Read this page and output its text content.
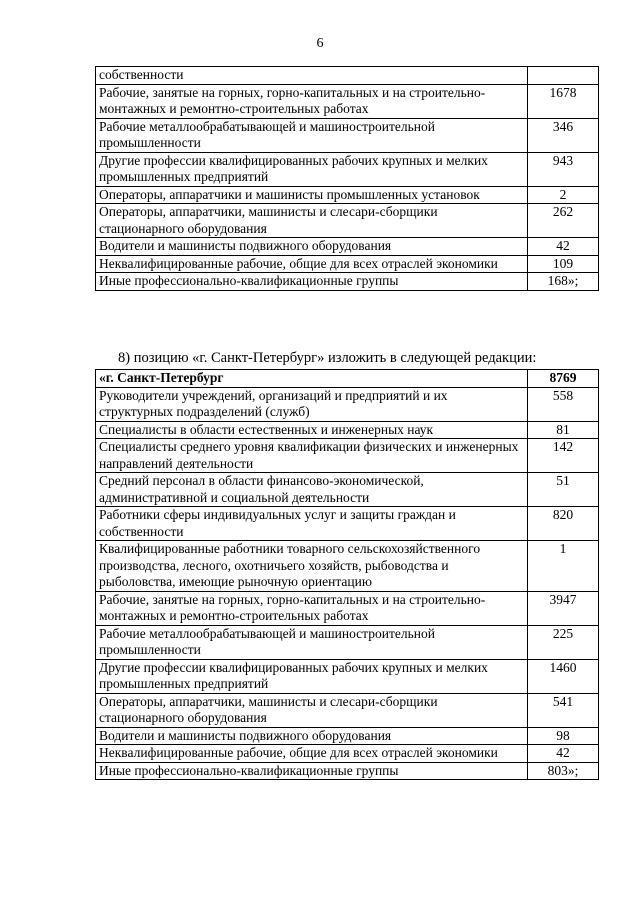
6
собственности	
Рабочие, занятые на горных, горно-капитальных и на строительно-монтажных и ремонтно-строительных работах	1678
Рабочие металлообрабатывающей и машиностроительной промышленности	346
Другие профессии квалифицированных рабочих крупных и мелких промышленных предприятий	943
Операторы, аппаратчики и машинисты промышленных установок	2
Операторы, аппаратчики, машинисты и слесари-сборщики стационарного оборудования	262
Водители и машинисты подвижного оборудования	42
Неквалифицированные рабочие, общие для всех отраслей экономики	109
Иные профессионально-квалификационные группы	168»;
8) позицию «г. Санкт-Петербург» изложить в следующей редакции:
«г. Санкт-Петербург	8769
Руководители учреждений, организаций и предприятий и их структурных подразделений (служб)	558
Специалисты в области естественных и инженерных наук	81
Специалисты среднего уровня квалификации физических и инженерных направлений деятельности	142
Средний персонал в области финансово-экономической, административной и социальной деятельности	51
Работники сферы индивидуальных услуг и защиты граждан и собственности	820
Квалифицированные работники товарного сельскохозяйственного производства, лесного, охотничьего хозяйств, рыбоводства и рыболовства, имеющие рыночную ориентацию	1
Рабочие, занятые на горных, горно-капитальных и на строительно-монтажных и ремонтно-строительных работах	3947
Рабочие металлообрабатывающей и машиностроительной промышленности	225
Другие профессии квалифицированных рабочих крупных и мелких промышленных предприятий	1460
Операторы, аппаратчики, машинисты и слесари-сборщики стационарного оборудования	541
Водители и машинисты подвижного оборудования	98
Неквалифицированные рабочие, общие для всех отраслей экономики	42
Иные профессионально-квалификационные группы	803»;
